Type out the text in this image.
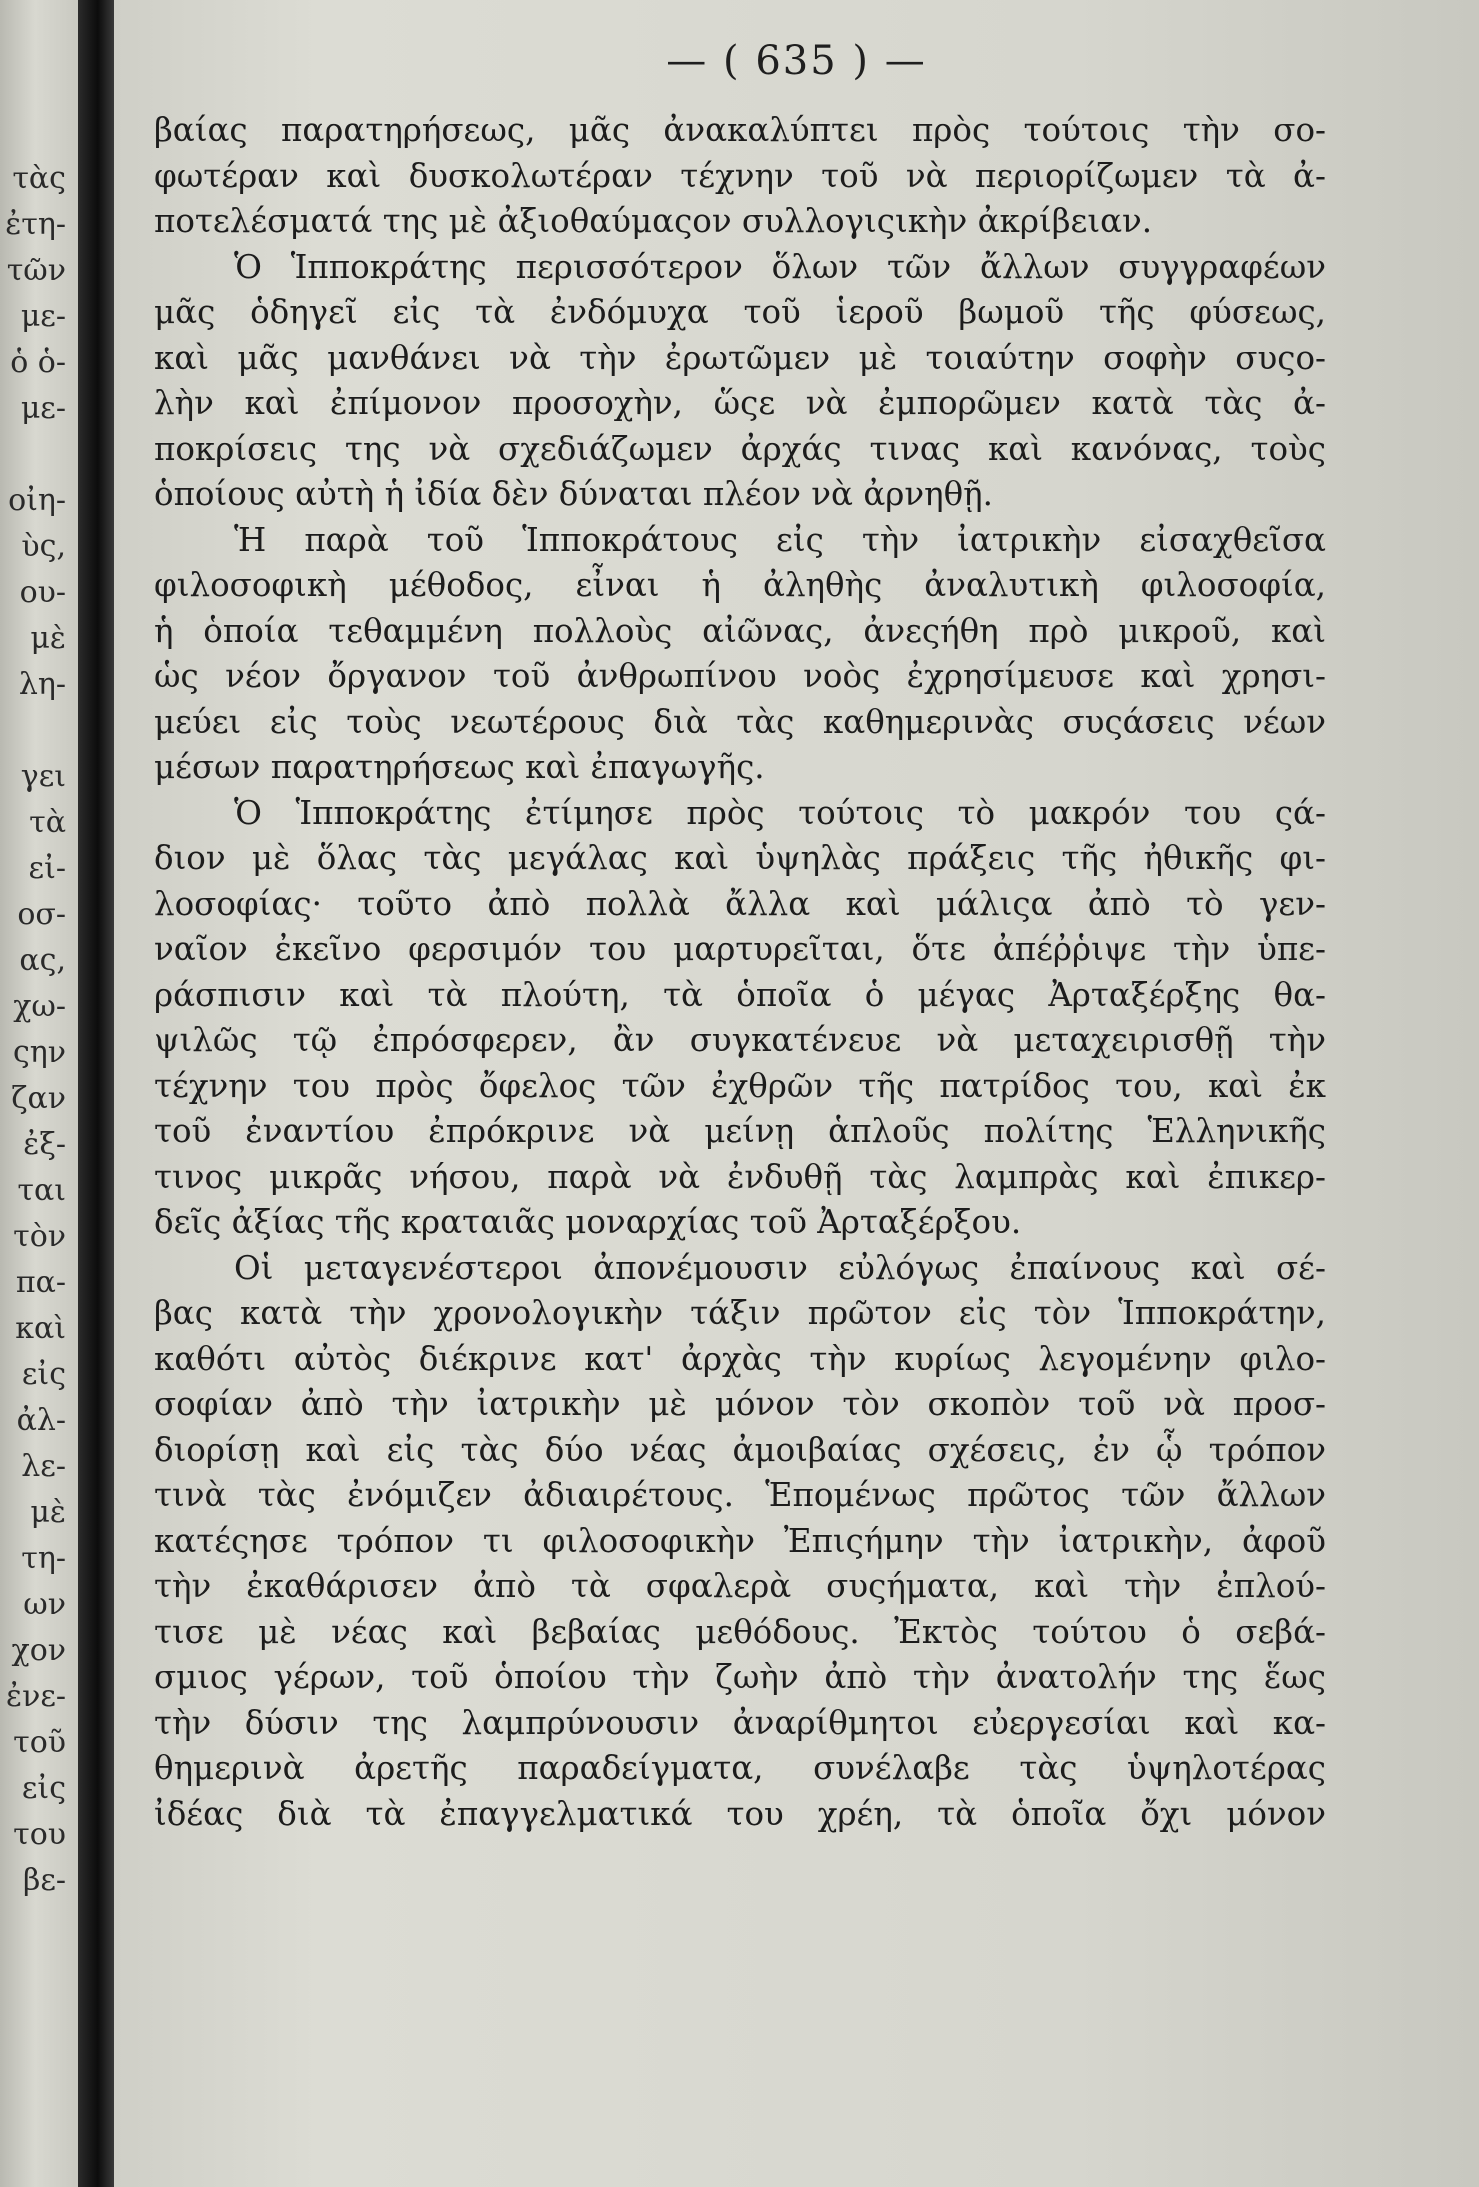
τὰς
ἐτη-
τῶν
με-
ὁ ὁ-
με-
οἰη-
ὺς,
ου-
μὲ
λη-
γει
τὰ
εἰ-
οσ-
ας,
χω-
ςην
ζαν
ἐξ-
ται
τὸν
πα-
καὶ
εἰς
ἀλ-
λε-
μὲ
τη-
ων
χον
ἐνε-
τοῦ
εἰς
του
βε-
— ( 635 ) —
βαίας παρατηρήσεως, μᾶς ἀνακαλύπτει πρὸς τούτοις τὴν σο-
φωτέραν καὶ δυσκολωτέραν τέχνην τοῦ νὰ περιορίζωμεν τὰ ἀ-
ποτελέσματά της μὲ ἀξιοθαύμαςον συλλογιςικὴν ἀκρίβειαν.
Ὁ Ἱπποκράτης περισσότερον ὅλων τῶν ἄλλων συγγραφέων
μᾶς ὁδηγεῖ εἰς τὰ ἐνδόμυχα τοῦ ἱεροῦ βωμοῦ τῆς φύσεως,
καὶ μᾶς μανθάνει νὰ τὴν ἐρωτῶμεν μὲ τοιαύτην σοφὴν συςο-
λὴν καὶ ἐπίμονον προσοχὴν, ὥςε νὰ ἐμπορῶμεν κατὰ τὰς ἀ-
ποκρίσεις της νὰ σχεδιάζωμεν ἀρχάς τινας καὶ κανόνας, τοὺς
ὁποίους αὐτὴ ἡ ἰδία δὲν δύναται πλέον νὰ ἀρνηθῇ.
Ἡ παρὰ τοῦ Ἱπποκράτους εἰς τὴν ἰατρικὴν εἰσαχθεῖσα
φιλοσοφικὴ μέθοδος, εἶναι ἡ ἀληθὴς ἀναλυτικὴ φιλοσοφία,
ἡ ὁποία τεθαμμένη πολλοὺς αἰῶνας, ἀνεςήθη πρὸ μικροῦ, καὶ
ὡς νέον ὄργανον τοῦ ἀνθρωπίνου νοὸς ἐχρησίμευσε καὶ χρησι-
μεύει εἰς τοὺς νεωτέρους διὰ τὰς καθημερινὰς συςάσεις νέων
μέσων παρατηρήσεως καὶ ἐπαγωγῆς.
Ὁ Ἱπποκράτης ἐτίμησε πρὸς τούτοις τὸ μακρόν του ςά-
διον μὲ ὅλας τὰς μεγάλας καὶ ὑψηλὰς πράξεις τῆς ἠθικῆς φι-
λοσοφίας· τοῦτο ἀπὸ πολλὰ ἄλλα καὶ μάλιςα ἀπὸ τὸ γεν-
ναῖον ἐκεῖνο φερσιμόν του μαρτυρεῖται, ὅτε ἀπέῤῥιψε τὴν ὑπε-
ράσπισιν καὶ τὰ πλούτη, τὰ ὁποῖα ὁ μέγας Ἀρταξέρξης θα-
ψιλῶς τῷ ἐπρόσφερεν, ἂν συγκατένευε νὰ μεταχειρισθῇ τὴν
τέχνην του πρὸς ὄφελος τῶν ἐχθρῶν τῆς πατρίδος του, καὶ ἐκ
τοῦ ἐναντίου ἐπρόκρινε νὰ μείνῃ ἁπλοῦς πολίτης Ἑλληνικῆς
τινος μικρᾶς νήσου, παρὰ νὰ ἐνδυθῇ τὰς λαμπρὰς καὶ ἐπικερ-
δεῖς ἀξίας τῆς κραταιᾶς μοναρχίας τοῦ Ἀρταξέρξου.
Οἱ μεταγενέστεροι ἀπονέμουσιν εὐλόγως ἐπαίνους καὶ σέ-
βας κατὰ τὴν χρονολογικὴν τάξιν πρῶτον εἰς τὸν Ἱπποκράτην,
καθότι αὐτὸς διέκρινε κατ' ἀρχὰς τὴν κυρίως λεγομένην φιλο-
σοφίαν ἀπὸ τὴν ἰατρικὴν μὲ μόνον τὸν σκοπὸν τοῦ νὰ προσ-
διορίσῃ καὶ εἰς τὰς δύο νέας ἀμοιβαίας σχέσεις, ἐν ᾧ τρόπον
τινὰ τὰς ἐνόμιζεν ἀδιαιρέτους. Ἑπομένως πρῶτος τῶν ἄλλων
κατέςησε τρόπον τι φιλοσοφικὴν Ἐπιςήμην τὴν ἰατρικὴν, ἀφοῦ
τὴν ἐκαθάρισεν ἀπὸ τὰ σφαλερὰ συςήματα, καὶ τὴν ἐπλού-
τισε μὲ νέας καὶ βεβαίας μεθόδους. Ἐκτὸς τούτου ὁ σεβά-
σμιος γέρων, τοῦ ὁποίου τὴν ζωὴν ἀπὸ τὴν ἀνατολήν της ἕως
τὴν δύσιν της λαμπρύνουσιν ἀναρίθμητοι εὐεργεσίαι καὶ κα-
θημερινὰ ἀρετῆς παραδείγματα, συνέλαβε τὰς ὑψηλοτέρας
ἰδέας διὰ τὰ ἐπαγγελματικά του χρέη, τὰ ὁποῖα ὄχι μόνον
